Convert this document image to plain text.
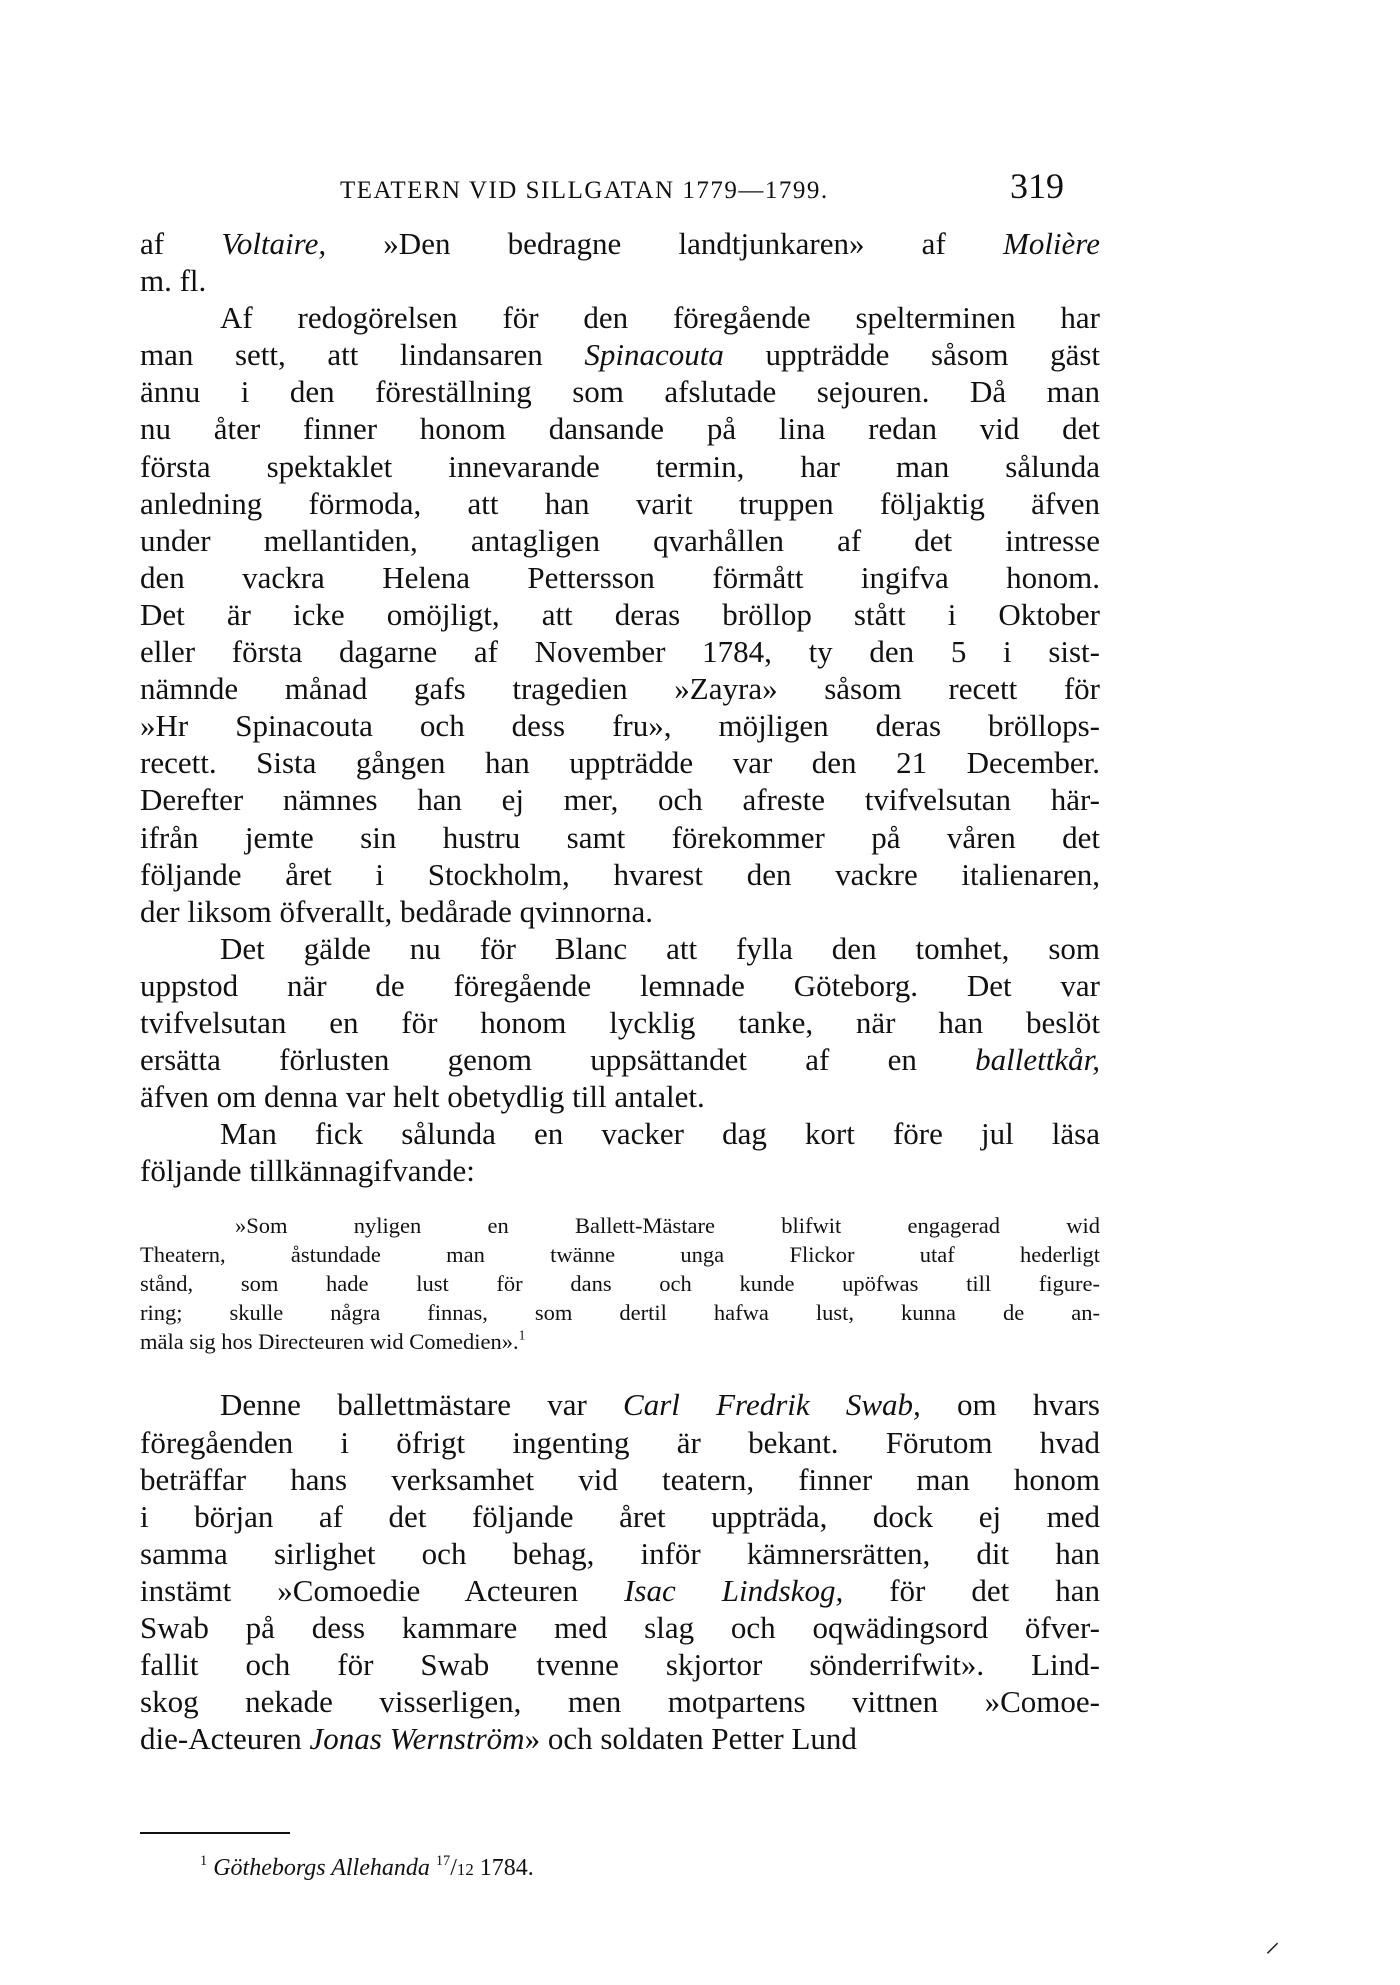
TEATERN VID SILLGATAN 1779—1799.	319
af Voltaire, »Den bedragne landtjunkaren» af Molière
m. fl.
Af redogörelsen för den föregående spelterminen har
man sett, att lindansaren Spinacouta uppträdde såsom gäst
ännu i den föreställning som afslutade sejouren. Då man
nu åter finner honom dansande på lina redan vid det
första spektaklet innevarande termin, har man sålunda
anledning förmoda, att han varit truppen följaktig äfven
under mellantiden, antagligen qvarhållen af det intresse
den vackra Helena Pettersson förmått ingifva honom.
Det är icke omöjligt, att deras bröllop stått i Oktober
eller första dagarne af November 1784, ty den 5 i sist-
nämnde månad gafs tragedien »Zayra» såsom recett för
»Hr Spinacouta och dess fru», möjligen deras bröllops-
recett. Sista gången han uppträdde var den 21 December.
Derefter nämnes han ej mer, och afreste tvifvelsutan här-
ifrån jemte sin hustru samt förekommer på våren det
följande året i Stockholm, hvarest den vackre italienaren,
der liksom öfverallt, bedårade qvinnorna.
Det gälde nu för Blanc att fylla den tomhet, som
uppstod när de föregående lemnade Göteborg. Det var
tvifvelsutan en för honom lycklig tanke, när han beslöt
ersätta förlusten genom uppsättandet af en ballettkår,
äfven om denna var helt obetydlig till antalet.
Man fick sålunda en vacker dag kort före jul läsa
följande tillkännagifvande:
»Som nyligen en Ballett-Mästare blifwit engagerad wid
Theatern, åstundade man twänne unga Flickor utaf hederligt
stånd, som hade lust för dans och kunde upöfwas till figure-
ring; skulle några finnas, som dertil hafwa lust, kunna de an-
mäla sig hos Directeuren wid Comedien».$^1$
Denne ballettmästare var Carl Fredrik Swab, om hvars
föregåenden i öfrigt ingenting är bekant. Förutom hvad
beträffar hans verksamhet vid teatern, finner man honom
i början af det följande året uppträda, dock ej med
samma sirlighet och behag, inför kämnersrätten, dit han
instämt »Comoedie Acteuren Isac Lindskog, för det han
Swab på dess kammare med slag och oqwädingsord öfver-
fallit och för Swab tvenne skjortor sönderrifwit». Lind-
skog nekade visserligen, men motpartens vittnen »Comoe-
die-Acteuren Jonas Wernström» och soldaten Petter Lund
$^1$ Götheborgs Allehanda $^{17}$/12 1784.
⸍
